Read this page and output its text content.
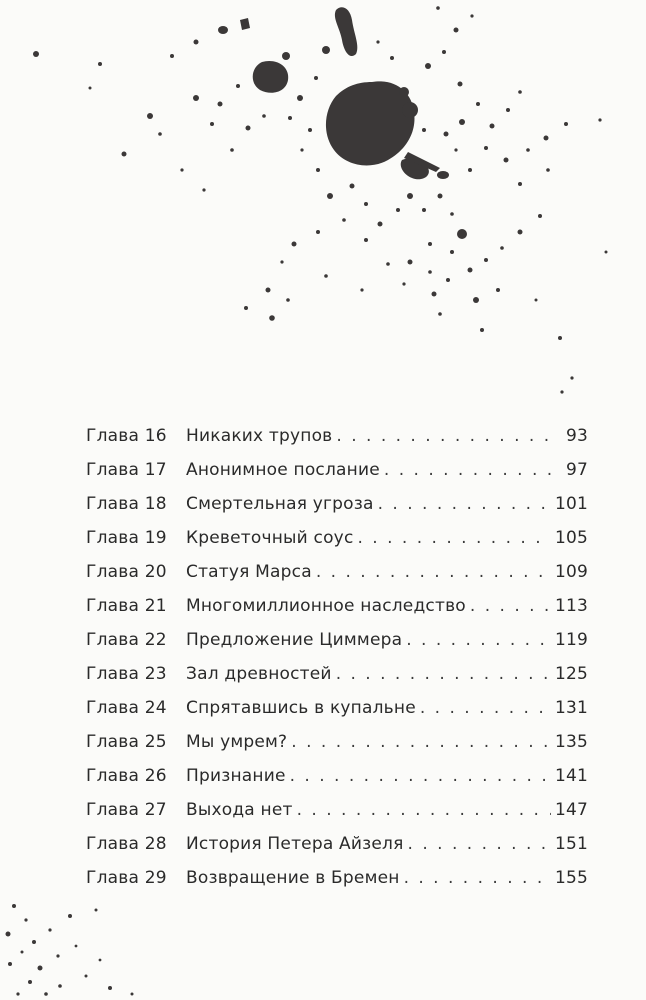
Глава 16	Никаких трупов . . .	93
Глава 17	Анонимное послание . . .	97
Глава 18	Смертельная угроза . . .	101
Глава 19	Креветочный соус . . .	105
Глава 20	Статуя Марса . . .	109
Глава 21	Многомиллионное наследство . . .	113
Глава 22	Предложение Циммера . . .	119
Глава 23	Зал древностей . . .	125
Глава 24	Спрятавшись в купальне . . .	131
Глава 25	Мы умрем? . . .	135
Глава 26	Признание . . .	141
Глава 27	Выхода нет . . .	147
Глава 28	История Петера Айзеля . . .	151
Глава 29	Возвращение в Бремен . . .	155
